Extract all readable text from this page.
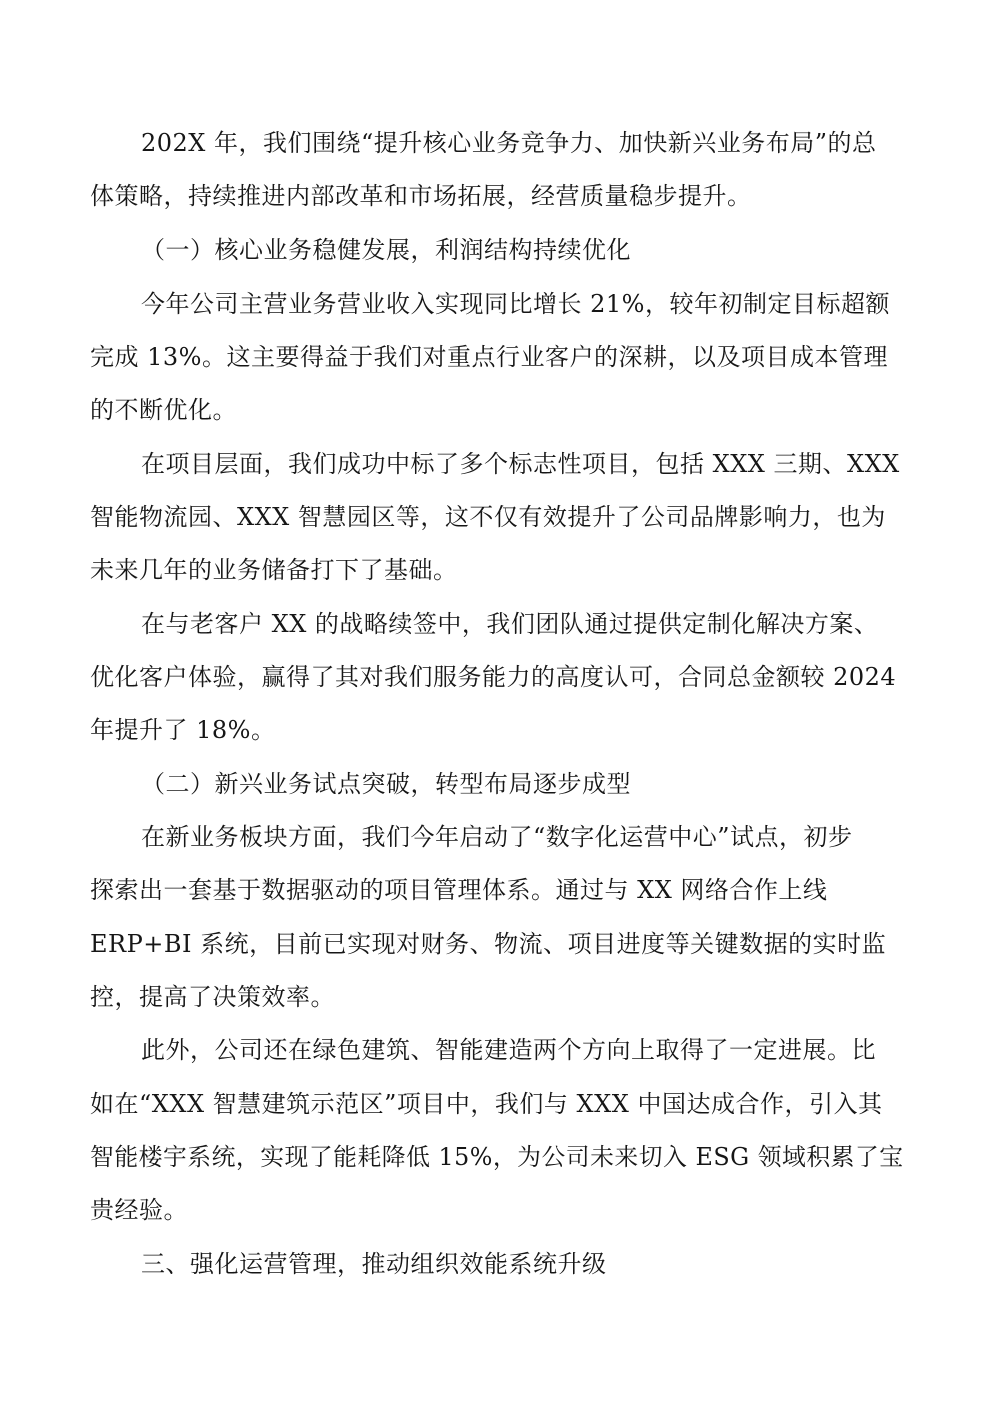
202X 年，我们围绕“提升核心业务竞争力、加快新兴业务布局”的总

体策略，持续推进内部改革和市场拓展，经营质量稳步提升。

（一）核心业务稳健发展，利润结构持续优化

今年公司主营业务营业收入实现同比增长 21%，较年初制定目标超额

完成 13%。这主要得益于我们对重点行业客户的深耕，以及项目成本管理

的不断优化。

在项目层面，我们成功中标了多个标志性项目，包括 XXX 三期、XXX

智能物流园、XXX 智慧园区等，这不仅有效提升了公司品牌影响力，也为

未来几年的业务储备打下了基础。

在与老客户 XX 的战略续签中，我们团队通过提供定制化解决方案、

优化客户体验，赢得了其对我们服务能力的高度认可，合同总金额较 2024

年提升了 18%。

（二）新兴业务试点突破，转型布局逐步成型

在新业务板块方面，我们今年启动了“数字化运营中心”试点，初步

探索出一套基于数据驱动的项目管理体系。通过与 XX 网络合作上线

ERP+BI 系统，目前已实现对财务、物流、项目进度等关键数据的实时监

控，提高了决策效率。

此外，公司还在绿色建筑、智能建造两个方向上取得了一定进展。比

如在“XXX 智慧建筑示范区”项目中，我们与 XXX 中国达成合作，引入其

智能楼宇系统，实现了能耗降低 15%，为公司未来切入 ESG 领域积累了宝

贵经验。

三、强化运营管理，推动组织效能系统升级
